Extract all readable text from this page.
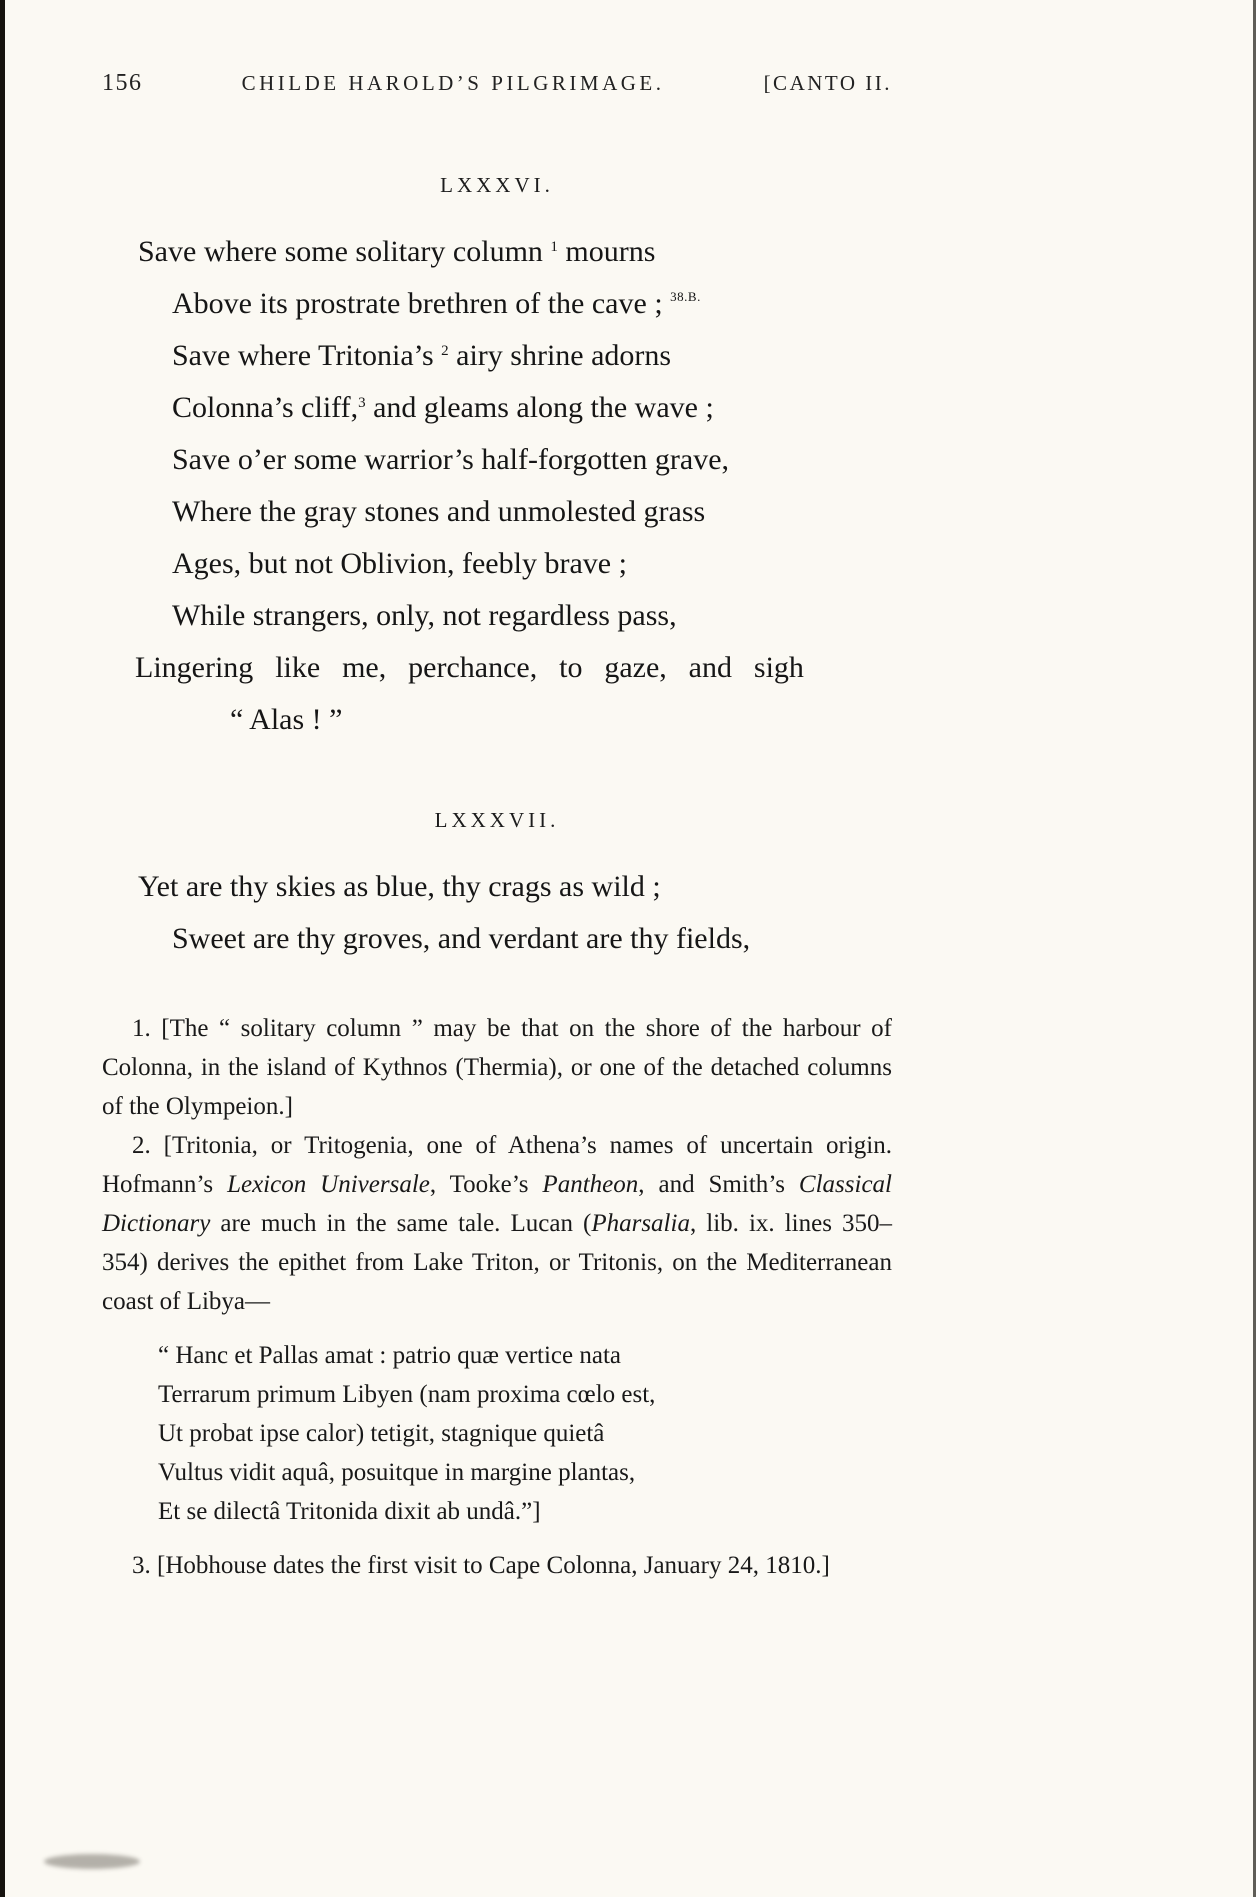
156	CHILDE HAROLD’S PILGRIMAGE.	[CANTO II.
LXXXVI.
Save where some solitary column $^1$ mourns
Above its prostrate brethren of the cave ; $^{38.B.}$
Save where Tritonia’s $^2$ airy shrine adorns
Colonna’s cliff,$^3$ and gleams along the wave ;
Save o’er some warrior’s half-forgotten grave,
Where the gray stones and unmolested grass
Ages, but not Oblivion, feebly brave ;
While strangers, only, not regardless pass,
Lingering like me, perchance, to gaze, and sigh
“ Alas ! ”
LXXXVII.
Yet are thy skies as blue, thy crags as wild ;
Sweet are thy groves, and verdant are thy fields,

1. [The “ solitary column ” may be that on the shore of the harbour of Colonna, in the island of Kythnos (Thermia), or one of the detached columns of the Olympeion.]

2. [Tritonia, or Tritogenia, one of Athena’s names of uncertain origin. Hofmann’s Lexicon Universale, Tooke’s Pantheon, and Smith’s Classical Dictionary are much in the same tale. Lucan (Pharsalia, lib. ix. lines 350–354) derives the epithet from Lake Triton, or Tritonis, on the Mediterranean coast of Libya—

“ Hanc et Pallas amat : patrio quæ vertice nata
Terrarum primum Libyen (nam proxima cœlo est,
Ut probat ipse calor) tetigit, stagnique quietâ
Vultus vidit aquâ, posuitque in margine plantas,
Et se dilectâ Tritonida dixit ab undâ.”]

3. [Hobhouse dates the first visit to Cape Colonna, January 24, 1810.]
